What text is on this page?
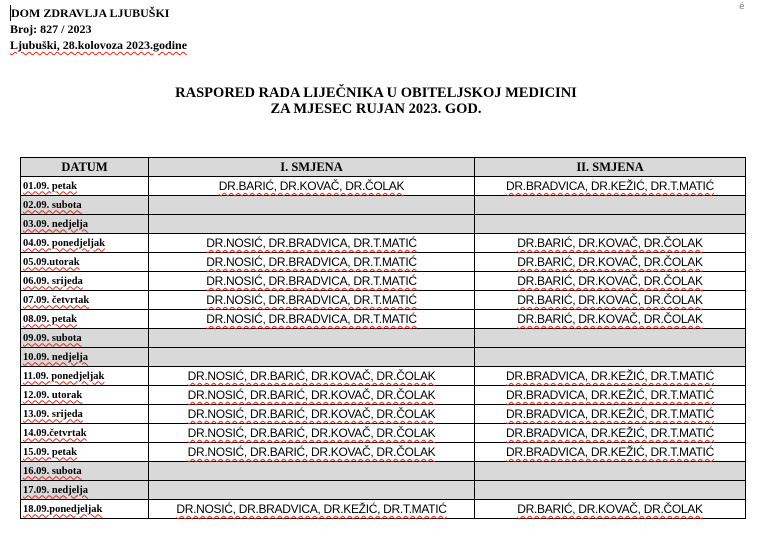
е́
DOM ZDRAVLJA LJUBUŠKI
Broj: 827 / 2023
Ljubuški, 28.kolovoza 2023.godine
RASPORED RADA LIJEČNIKA U OBITELJSKOJ MEDICINI
ZA MJESEC RUJAN 2023. GOD.
DATUM	I. SMJENA	II. SMJENA
01.09. petak	DR.BARIĆ, DR.KOVAČ, DR.ČOLAK	DR.BRADVICA, DR.KEŽIĆ, DR.T.MATIĆ
02.09. subota		
03.09. nedjelja		
04.09. ponedjeljak	DR.NOSIĆ, DR.BRADVICA, DR.T.MATIĆ	DR.BARIĆ, DR.KOVAČ, DR.ČOLAK
05.09.utorak	DR.NOSIĆ, DR.BRADVICA, DR.T.MATIĆ	DR.BARIĆ, DR.KOVAČ, DR.ČOLAK
06.09. srijeda	DR.NOSIĆ, DR.BRADVICA, DR.T.MATIĆ	DR.BARIĆ, DR.KOVAČ, DR.ČOLAK
07.09. četvrtak	DR.NOSIĆ, DR.BRADVICA, DR.T.MATIĆ	DR.BARIĆ, DR.KOVAČ, DR.ČOLAK
08.09. petak	DR.NOSIĆ, DR.BRADVICA, DR.T.MATIĆ	DR.BARIĆ, DR.KOVAČ, DR.ČOLAK
09.09. subota		
10.09. nedjelja		
11.09. ponedjeljak	DR.NOSIĆ, DR.BARIĆ, DR.KOVAČ, DR.ČOLAK	DR.BRADVICA, DR.KEŽIĆ, DR.T.MATIĆ
12.09. utorak	DR.NOSIĆ, DR.BARIĆ, DR.KOVAČ, DR.ČOLAK	DR.BRADVICA, DR.KEŽIĆ, DR.T.MATIĆ
13.09. srijeda	DR.NOSIĆ, DR.BARIĆ, DR.KOVAČ, DR.ČOLAK	DR.BRADVICA, DR.KEŽIĆ, DR.T.MATIĆ
14.09.četvrtak	DR.NOSIĆ, DR.BARIĆ, DR.KOVAČ, DR.ČOLAK	DR.BRADVICA, DR.KEŽIĆ, DR.T.MATIĆ
15.09. petak	DR.NOSIĆ, DR.BARIĆ, DR.KOVAČ, DR.ČOLAK	DR.BRADVICA, DR.KEŽIĆ, DR.T.MATIĆ
16.09. subota		
17.09. nedjelja		
18.09.ponedjeljak	DR.NOSIĆ, DR.BRADVICA, DR.KEŽIĆ, DR.T.MATIĆ	DR.BARIĆ, DR.KOVAČ, DR.ČOLAK
